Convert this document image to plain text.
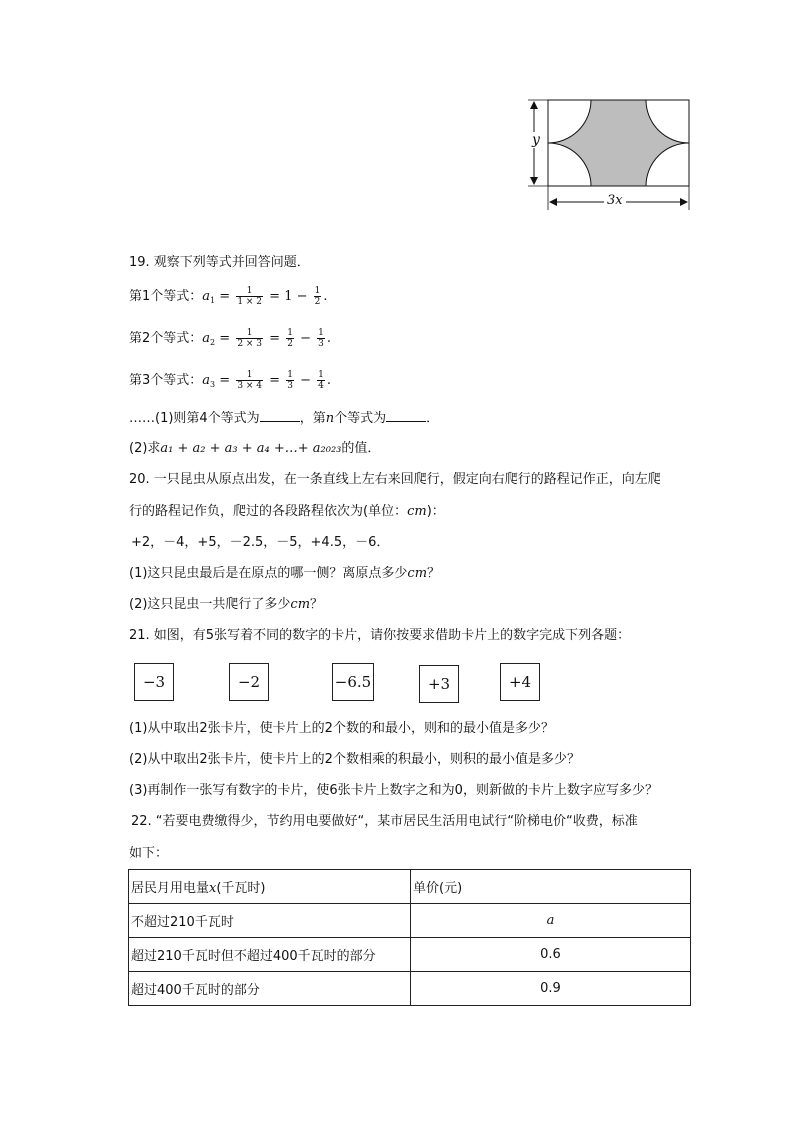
y
3x
19. 观察下列等式并回答问题．
第1个等式：$a_1 = \frac{1}{1 \times 2} = 1 - \frac{1}{2}$ .
第2个等式：$a_2 = \frac{1}{2 \times 3} = \frac{1}{2} - \frac{1}{3}$ .
第3个等式：$a_3 = \frac{1}{3 \times 4} = \frac{1}{3} - \frac{1}{4}$ .
……(1)则第4个等式为	，第n个等式为	．
(2)求a₁ + a₂ + a₃ + a₄ +…+ a₂₀₂₃的值．
20. 一只昆虫从原点出发，在一条直线上左右来回爬行，假定向右爬行的路程记作正，向左爬
行的路程记作负，爬过的各段路程依次为(单位：cm)：
+2，－4，+5，－2.5，－5，+4.5，－6．
(1)这只昆虫最后是在原点的哪一侧？离原点多少cm？
(2)这只昆虫一共爬行了多少cm？
21. 如图，有5张写着不同的数字的卡片，请你按要求借助卡片上的数字完成下列各题：
−3	−2	−6.5	+3	+4
(1)从中取出2张卡片，使卡片上的2个数的和最小，则和的最小值是多少？
(2)从中取出2张卡片，使卡片上的2个数相乘的积最小，则积的最小值是多少？
(3)再制作一张写有数字的卡片，使6张卡片上数字之和为0，则新做的卡片上数字应写多少？
22. “若要电费缴得少，节约用电要做好“，某市居民生活用电试行“阶梯电价“收费，标准
如下：
居民月用电量x(千瓦时)	单价(元)
不超过210千瓦时	a
超过210千瓦时但不超过400千瓦时的部分	0.6
超过400千瓦时的部分	0.9
